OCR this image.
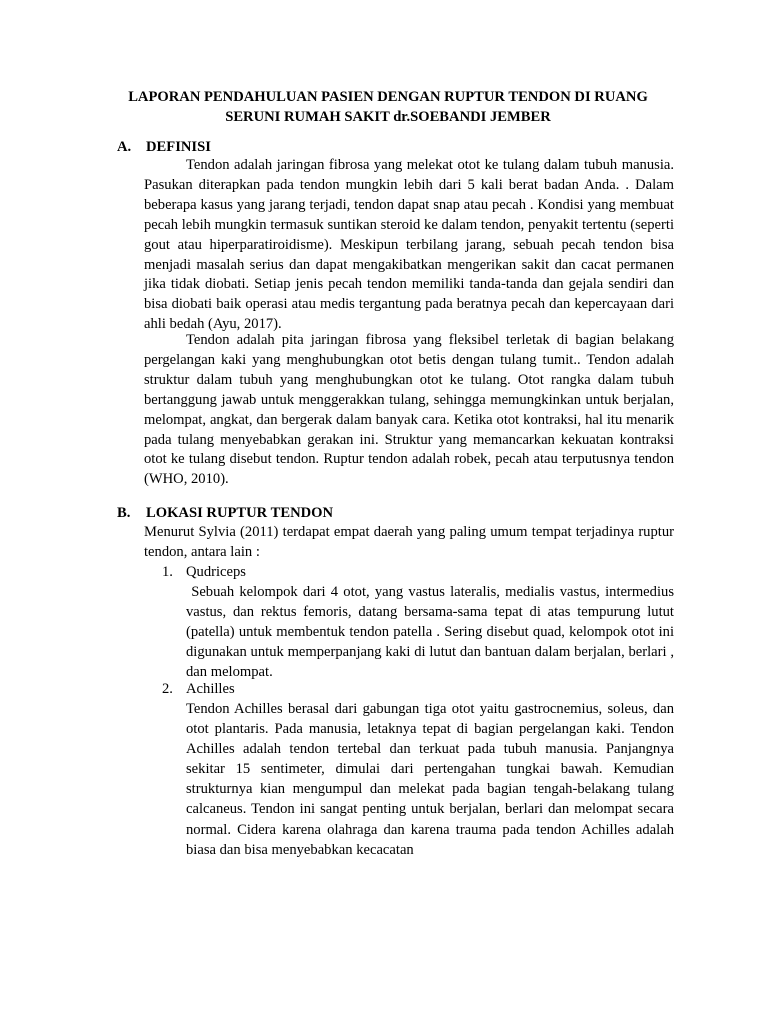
LAPORAN PENDAHULUAN PASIEN DENGAN RUPTUR TENDON DI RUANG
SERUNI RUMAH SAKIT dr.SOEBANDI JEMBER
A. DEFINISI

Tendon adalah jaringan fibrosa yang melekat otot ke tulang dalam tubuh manusia. Pasukan diterapkan pada tendon mungkin lebih dari 5 kali berat badan Anda. . Dalam beberapa kasus yang jarang terjadi, tendon dapat snap atau pecah . Kondisi yang membuat pecah lebih mungkin termasuk suntikan steroid ke dalam tendon, penyakit tertentu (seperti gout atau hiperparatiroidisme). Meskipun terbilang jarang, sebuah pecah tendon bisa menjadi masalah serius dan dapat mengakibatkan mengerikan sakit dan cacat permanen jika tidak diobati. Setiap jenis pecah tendon memiliki tanda-tanda dan gejala sendiri dan bisa diobati baik operasi atau medis tergantung pada beratnya pecah dan kepercayaan dari ahli bedah (Ayu, 2017).

Tendon adalah pita jaringan fibrosa yang fleksibel terletak di bagian belakang pergelangan kaki yang menghubungkan otot betis dengan tulang tumit.. Tendon adalah struktur dalam tubuh yang menghubungkan otot ke tulang. Otot rangka dalam tubuh bertanggung jawab untuk menggerakkan tulang, sehingga memungkinkan untuk berjalan, melompat, angkat, dan bergerak dalam banyak cara. Ketika otot kontraksi, hal itu menarik pada tulang menyebabkan gerakan ini. Struktur yang memancarkan kekuatan kontraksi otot ke tulang disebut tendon. Ruptur tendon adalah robek, pecah atau terputusnya tendon (WHO, 2010).

B. LOKASI RUPTUR TENDON

Menurut Sylvia (2011) terdapat empat daerah yang paling umum tempat terjadinya ruptur tendon, antara lain :

1. Qudriceps

Sebuah kelompok dari 4 otot, yang vastus lateralis, medialis vastus, intermedius vastus, dan rektus femoris, datang bersama-sama tepat di atas tempurung lutut (patella) untuk membentuk tendon patella . Sering disebut quad, kelompok otot ini digunakan untuk memperpanjang kaki di lutut dan bantuan dalam berjalan, berlari , dan melompat.

2. Achilles

Tendon Achilles berasal dari gabungan tiga otot yaitu gastrocnemius, soleus, dan otot plantaris. Pada manusia, letaknya tepat di bagian pergelangan kaki. Tendon Achilles adalah tendon tertebal dan terkuat pada tubuh manusia. Panjangnya sekitar 15 sentimeter, dimulai dari pertengahan tungkai bawah. Kemudian strukturnya kian mengumpul dan melekat pada bagian tengah-belakang tulang calcaneus. Tendon ini sangat penting untuk berjalan, berlari dan melompat secara normal. Cidera karena olahraga dan karena trauma pada tendon Achilles adalah biasa dan bisa menyebabkan kecacatan
